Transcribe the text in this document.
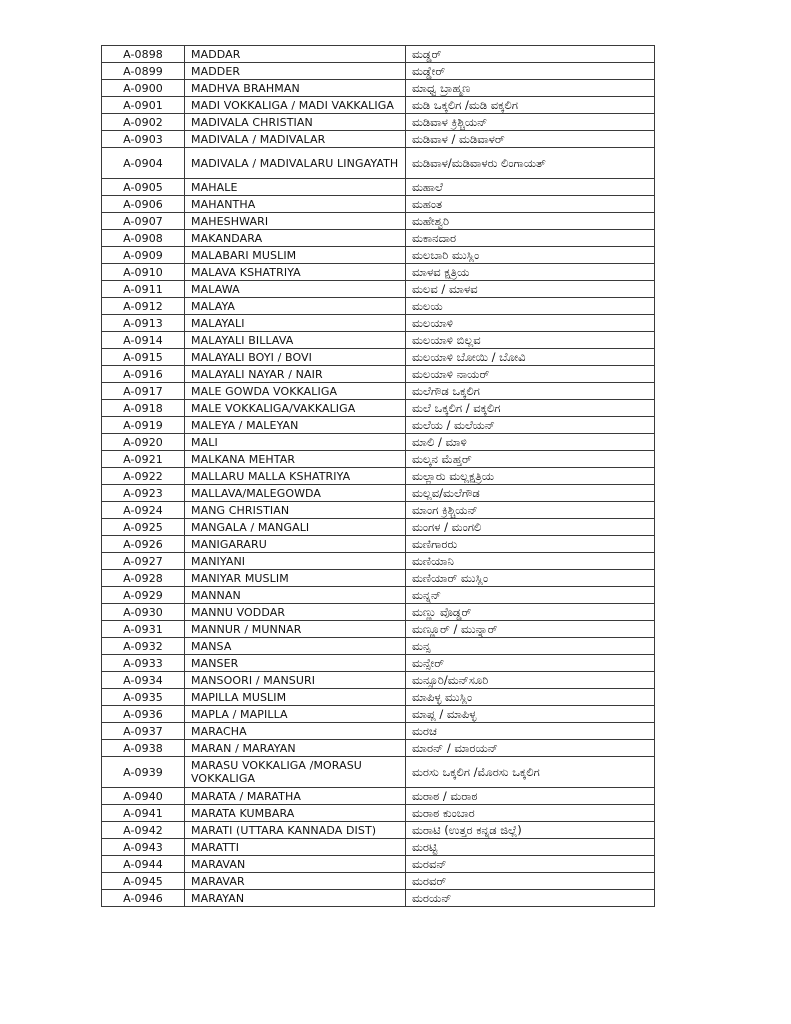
A-0898	MADDAR	ಮಡ್ಡರ್
A-0899	MADDER	ಮಡ್ಡೇರ್
A-0900	MADHVA BRAHMAN	ಮಾಧ್ವ ಬ್ರಾಹ್ಮಣ
A-0901	MADI VOKKALIGA / MADI VAKKALIGA	ಮಡಿ ಒಕ್ಕಲಿಗ /ಮಡಿ ವಕ್ಕಲಿಗ
A-0902	MADIVALA CHRISTIAN	ಮಡಿವಾಳ ಕ್ರಿಶ್ಚಿಯನ್
A-0903	MADIVALA / MADIVALAR	ಮಡಿವಾಳ / ಮಡಿವಾಳರ್
A-0904	MADIVALA / MADIVALARU LINGAYATH	ಮಡಿವಾಳ/ಮಡಿವಾಳರು ಲಿಂಗಾಯತ್
A-0905	MAHALE	ಮಹಾಲೆ
A-0906	MAHANTHA	ಮಹಂತ
A-0907	MAHESHWARI	ಮಹೇಶ್ವರಿ
A-0908	MAKANDARA	ಮಕಾನದಾರ
A-0909	MALABARI MUSLIM	ಮಲಬಾರಿ ಮುಸ್ಲಿಂ
A-0910	MALAVA KSHATRIYA	ಮಾಳವ ಕ್ಷತ್ರಿಯ
A-0911	MALAWA	ಮಲವ / ಮಾಳವ
A-0912	MALAYA	ಮಲಯ
A-0913	MALAYALI	ಮಲಯಾಳಿ
A-0914	MALAYALI BILLAVA	ಮಲಯಾಳಿ ಬಿಲ್ಲವ
A-0915	MALAYALI BOYI / BOVI	ಮಲಯಾಳಿ ಬೋಯಿ / ಬೋವಿ
A-0916	MALAYALI NAYAR / NAIR	ಮಲಯಾಳಿ ನಾಯರ್
A-0917	MALE GOWDA VOKKALIGA	ಮಲೆಗೌಡ ಒಕ್ಕಲಿಗ
A-0918	MALE VOKKALIGA/VAKKALIGA	ಮಲೆ ಒಕ್ಕಲಿಗ / ವಕ್ಕಲಿಗ
A-0919	MALEYA / MALEYAN	ಮಲೆಯ / ಮಲೆಯನ್
A-0920	MALI	ಮಾಲಿ / ಮಾಳಿ
A-0921	MALKANA MEHTAR	ಮಲ್ಕನ ಮೆಹ್ತರ್
A-0922	MALLARU MALLA KSHATRIYA	ಮಲ್ಲಾರು ಮಲ್ಲಕ್ಷತ್ರಿಯ
A-0923	MALLAVA/MALEGOWDA	ಮಲ್ಲವ/ಮಲೆಗೌಡ
A-0924	MANG CHRISTIAN	ಮಾಂಗ ಕ್ರಿಶ್ಚಿಯನ್
A-0925	MANGALA / MANGALI	ಮಂಗಳ / ಮಂಗಲಿ
A-0926	MANIGARARU	ಮಣಿಗಾರರು
A-0927	MANIYANI	ಮಣಿಯಾನಿ
A-0928	MANIYAR MUSLIM	ಮಣಿಯಾರ್ ಮುಸ್ಲಿಂ
A-0929	MANNAN	ಮನ್ನನ್
A-0930	MANNU VODDAR	ಮಣ್ಣು ವೊಡ್ಡರ್
A-0931	MANNUR / MUNNAR	ಮಣ್ಣೂರ್ / ಮುನ್ನಾರ್
A-0932	MANSA	ಮನ್ಸ
A-0933	MANSER	ಮನ್ಸೇರ್
A-0934	MANSOORI / MANSURI	ಮನ್ಸೂರಿ/ಮನ್‌ಸೂರಿ
A-0935	MAPILLA MUSLIM	ಮಾಪಿಳ್ಳ ಮುಸ್ಲಿಂ
A-0936	MAPLA / MAPILLA	ಮಾಪ್ಲ / ಮಾಪಿಳ್ಳ
A-0937	MARACHA	ಮರಚ
A-0938	MARAN / MARAYAN	ಮಾರನ್ / ಮಾರಯನ್
A-0939	MARASU VOKKALIGA /MORASU VOKKALIGA	ಮರಸು ಒಕ್ಕಲಿಗ /ಮೊರಸು ಒಕ್ಕಲಿಗ
A-0940	MARATA / MARATHA	ಮರಾಠ / ಮರಾಠ
A-0941	MARATA KUMBARA	ಮರಾಠ ಕುಂಬಾರ
A-0942	MARATI (UTTARA KANNADA DIST)	ಮರಾಟಿ (ಉತ್ತರ ಕನ್ನಡ ಜಿಲ್ಲೆ)
A-0943	MARATTI	ಮರಟ್ಟಿ
A-0944	MARAVAN	ಮರವನ್
A-0945	MARAVAR	ಮರವರ್
A-0946	MARAYAN	ಮರಯನ್
